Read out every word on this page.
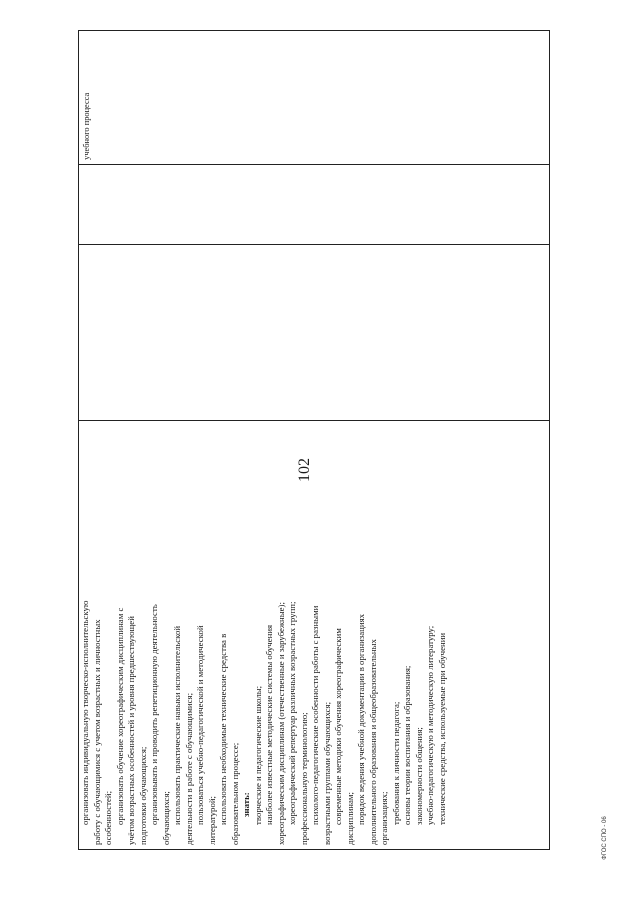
102
организовать индивидуальную творческо-исполнительскую работу с обучающимися с учетом возрастных и личностных особенностей; организовать обучение хореографическим дисциплинам с учётом возрастных особенностей и уровня предшествующей подготовки обучающихся; организовывать и проводить репетиционную деятельность обучающихся; использовать практические навыки исполнительской деятельности в работе с обучающимися; пользоваться учебно-педагогической и методической литературой; использовать необходимые технические средства в образовательном процессе; знать: творческие и педагогические школы; наиболее известные методические системы обучения хореографическим дисциплинам (отечественные и зарубежные); хореографический репертуар различных возрастных групп; профессиональную терминологию; психолого-педагогические особенности работы с разными возрастными группами обучающихся; современные методики обучения хореографическим дисциплинам; порядок ведения учебной документации в организациях дополнительного образования и общеобразовательных организациях; требования к личности педагога; основы теории воспитания и образования; закономерности общения; учебно-педагогическую и методическую литературу; технические средства, используемые при обучении
учебного процесса
ФГОС СПО - 06
